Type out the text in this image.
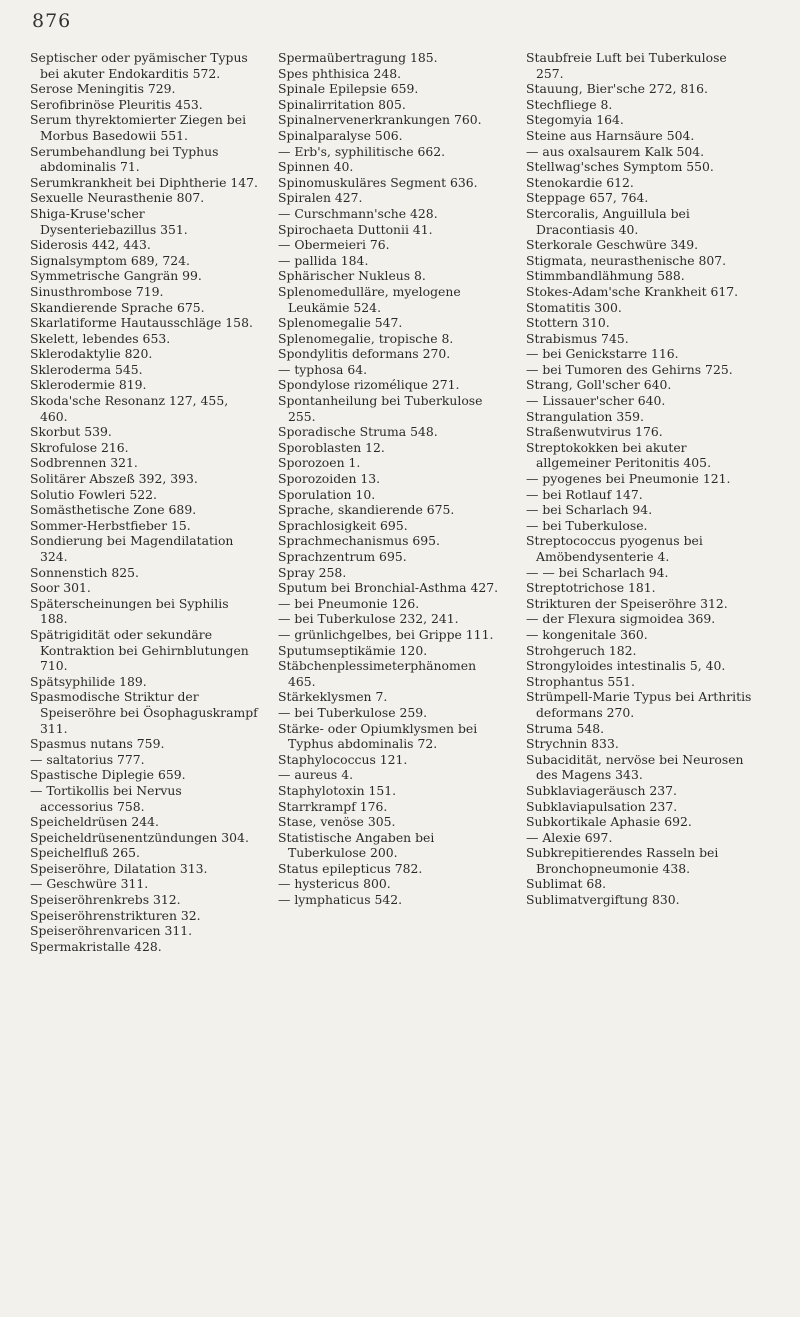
876
Septischer oder pyämischer Typus bei akuter Endokarditis 572.
Serose Meningitis 729.
Serofibrinöse Pleuritis 453.
Serum thyrektomierter Ziegen bei Morbus Basedowii 551.
Serumbehandlung bei Typhus abdominalis 71.
Serumkrankheit bei Diphtherie 147.
Sexuelle Neurasthenie 807.
Shiga-Kruse'scher Dysenteriebazillus 351.
Siderosis 442, 443.
Signalsymptom 689, 724.
Symmetrische Gangrän 99.
Sinusthrombose 719.
Skandierende Sprache 675.
Skarlatiforme Hautausschläge 158.
Skelett, lebendes 653.
Sklerodaktylie 820.
Skleroderma 545.
Sklerodermie 819.
Skoda'sche Resonanz 127, 455, 460.
Skorbut 539.
Skrofulose 216.
Sodbrennen 321.
Solitärer Abszeß 392, 393.
Solutio Fowleri 522.
Somästhetische Zone 689.
Sommer-Herbstfieber 15.
Sondierung bei Magendilatation 324.
Sonnenstich 825.
Soor 301.
Späterscheinungen bei Syphilis 188.
Spätrigidität oder sekundäre Kontraktion bei Gehirnblutungen 710.
Spätsyphilide 189.
Spasmodische Striktur der Speiseröhre bei Ösophaguskrampf 311.
Spasmus nutans 759.
— saltatorius 777.
Spastische Diplegie 659.
— Tortikollis bei Nervus accessorius 758.
Speicheldrüsen 244.
Speicheldrüsenentzündungen 304.
Speichelfluß 265.
Speiseröhre, Dilatation 313.
— Geschwüre 311.
Speiseröhrenkrebs 312.
Speiseröhrenstrikturen 32.
Speiseröhrenvaricen 311.
Spermakristalle 428.
Spermaübertragung 185.
Spes phthisica 248.
Spinale Epilepsie 659.
Spinalirritation 805.
Spinalnervenerkrankungen 760.
Spinalparalyse 506.
— Erb's, syphilitische 662.
Spinnen 40.
Spinomuskuläres Segment 636.
Spiralen 427.
— Curschmann'sche 428.
Spirochaeta Duttonii 41.
— Obermeieri 76.
— pallida 184.
Sphärischer Nukleus 8.
Splenomedulläre, myelogene Leukämie 524.
Splenomegalie 547.
Splenomegalie, tropische 8.
Spondylitis deformans 270.
— typhosa 64.
Spondylose rizomélique 271.
Spontanheilung bei Tuberkulose 255.
Sporadische Struma 548.
Sporoblasten 12.
Sporozoen 1.
Sporozoiden 13.
Sporulation 10.
Sprache, skandierende 675.
Sprachlosigkeit 695.
Sprachmechanismus 695.
Sprachzentrum 695.
Spray 258.
Sputum bei Bronchial-Asthma 427.
— bei Pneumonie 126.
— bei Tuberkulose 232, 241.
— grünlichgelbes, bei Grippe 111.
Sputumseptikämie 120.
Stäbchenplessimeterphänomen 465.
Stärkeklysmen 7.
— bei Tuberkulose 259.
Stärke- oder Opiumklysmen bei Typhus abdominalis 72.
Staphylococcus 121.
— aureus 4.
Staphylotoxin 151.
Starrkrampf 176.
Stase, venöse 305.
Statistische Angaben bei Tuberkulose 200.
Status epilepticus 782.
— hystericus 800.
— lymphaticus 542.
Staubfreie Luft bei Tuberkulose 257.
Stauung, Bier'sche 272, 816.
Stechfliege 8.
Stegomyia 164.
Steine aus Harnsäure 504.
— aus oxalsaurem Kalk 504.
Stellwag'sches Symptom 550.
Stenokardie 612.
Steppage 657, 764.
Stercoralis, Anguillula bei Dracontiasis 40.
Sterkorale Geschwüre 349.
Stigmata, neurasthenische 807.
Stimmbandlähmung 588.
Stokes-Adam'sche Krankheit 617.
Stomatitis 300.
Stottern 310.
Strabismus 745.
— bei Genickstarre 116.
— bei Tumoren des Gehirns 725.
Strang, Goll'scher 640.
— Lissauer'scher 640.
Strangulation 359.
Straßenwutvirus 176.
Streptokokken bei akuter allgemeiner Peritonitis 405.
— pyogenes bei Pneumonie 121.
— bei Rotlauf 147.
— bei Scharlach 94.
— bei Tuberkulose.
Streptococcus pyogenus bei Amöbendysenterie 4.
— — bei Scharlach 94.
Streptotrichose 181.
Strikturen der Speiseröhre 312.
— der Flexura sigmoidea 369.
— kongenitale 360.
Strohgeruch 182.
Strongyloides intestinalis 5, 40.
Strophantus 551.
Strümpell-Marie Typus bei Arthritis deformans 270.
Struma 548.
Strychnin 833.
Subacidität, nervöse bei Neurosen des Magens 343.
Subklaviageräusch 237.
Subklaviapulsation 237.
Subkortikale Aphasie 692.
— Alexie 697.
Subkrepitierendes Rasseln bei Bronchopneumonie 438.
Sublimat 68.
Sublimatvergiftung 830.
